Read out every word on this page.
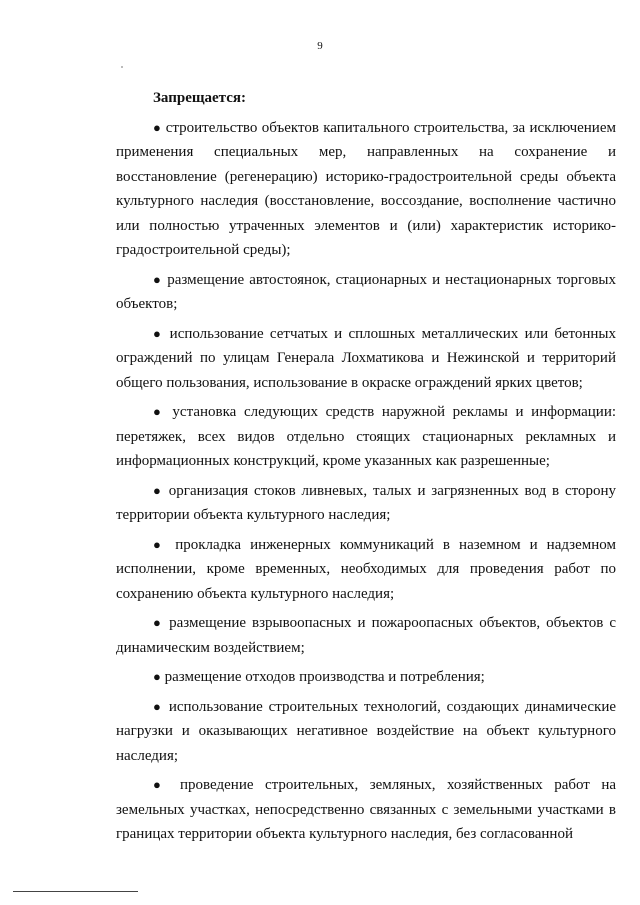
9

Запрещается:

● строительство объектов капитального строительства, за исключением применения специальных мер, направленных на сохранение и восстановление (регенерацию) историко-градостроительной среды объекта культурного наследия (восстановление, воссоздание, восполнение частично или полностью утраченных элементов и (или) характеристик историко-градостроительной среды);

● размещение автостоянок, стационарных и нестационарных торговых объектов;

● использование сетчатых и сплошных металлических или бетонных ограждений по улицам Генерала Лохматикова и Нежинской и территорий общего пользования, использование в окраске ограждений ярких цветов;

● установка следующих средств наружной рекламы и информации: перетяжек, всех видов отдельно стоящих стационарных рекламных и информационных конструкций, кроме указанных как разрешенные;

● организация стоков ливневых, талых и загрязненных вод в сторону территории объекта культурного наследия;

● прокладка инженерных коммуникаций в наземном и надземном исполнении, кроме временных, необходимых для проведения работ по сохранению объекта культурного наследия;

● размещение взрывоопасных и пожароопасных объектов, объектов с динамическим воздействием;

● размещение отходов производства и потребления;

● использование строительных технологий, создающих динамические нагрузки и оказывающих негативное воздействие на объект культурного наследия;

● проведение строительных, земляных, хозяйственных работ на земельных участках, непосредственно связанных с земельными участками в границах территории объекта культурного наследия, без согласованной
